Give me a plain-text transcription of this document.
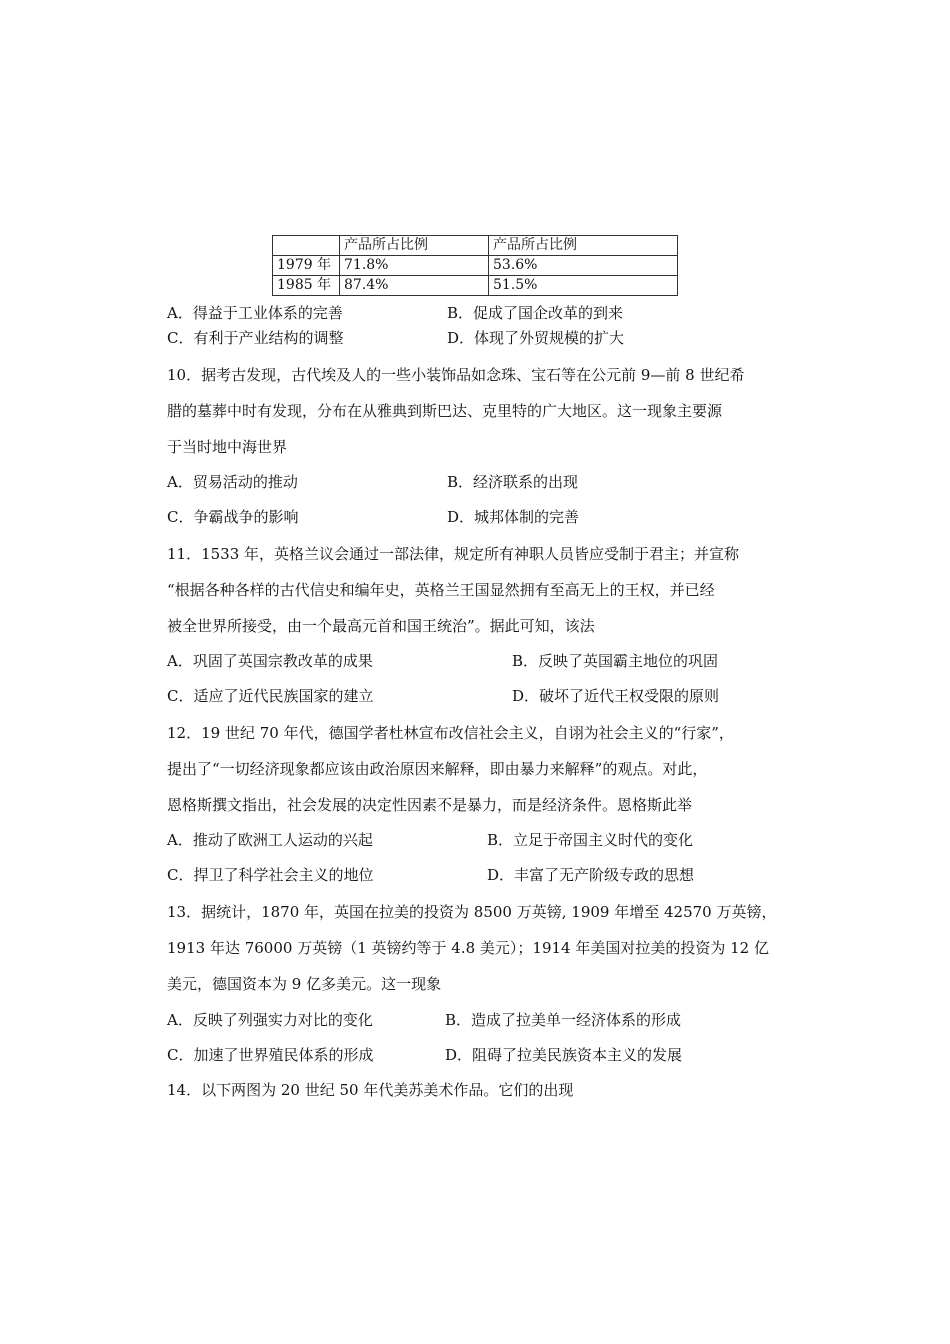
	产品所占比例	产品所占比例
1979 年	71.8%	53.6%
1985 年	87.4%	51.5%
A．得益于工业体系的完善	B．促成了国企改革的到来
C．有利于产业结构的调整	D．体现了外贸规模的扩大
10．据考古发现，古代埃及人的一些小装饰品如念珠、宝石等在公元前 9—前 8 世纪希
腊的墓葬中时有发现，分布在从雅典到斯巴达、克里特的广大地区。这一现象主要源
于当时地中海世界
A．贸易活动的推动	B．经济联系的出现
C．争霸战争的影响	D．城邦体制的完善
11．1533 年，英格兰议会通过一部法律，规定所有神职人员皆应受制于君主；并宣称
“根据各种各样的古代信史和编年史，英格兰王国显然拥有至高无上的王权，并已经
被全世界所接受，由一个最高元首和国王统治”。据此可知，该法
A．巩固了英国宗教改革的成果	B．反映了英国霸主地位的巩固
C．适应了近代民族国家的建立	D．破坏了近代王权受限的原则
12．19 世纪 70 年代，德国学者杜林宣布改信社会主义，自诩为社会主义的“行家”，
提出了“一切经济现象都应该由政治原因来解释，即由暴力来解释”的观点。对此，
恩格斯撰文指出，社会发展的决定性因素不是暴力，而是经济条件。恩格斯此举
A．推动了欧洲工人运动的兴起	B．立足于帝国主义时代的变化
C．捍卫了科学社会主义的地位	D．丰富了无产阶级专政的思想
13．据统计，1870 年，英国在拉美的投资为 8500 万英镑, 1909 年增至 42570 万英镑，
1913 年达 76000 万英镑（1 英镑约等于 4.8 美元）；1914 年美国对拉美的投资为 12 亿
美元，德国资本为 9 亿多美元。这一现象
A．反映了列强实力对比的变化	B．造成了拉美单一经济体系的形成
C．加速了世界殖民体系的形成	D．阻碍了拉美民族资本主义的发展
14．以下两图为 20 世纪 50 年代美苏美术作品。它们的出现
